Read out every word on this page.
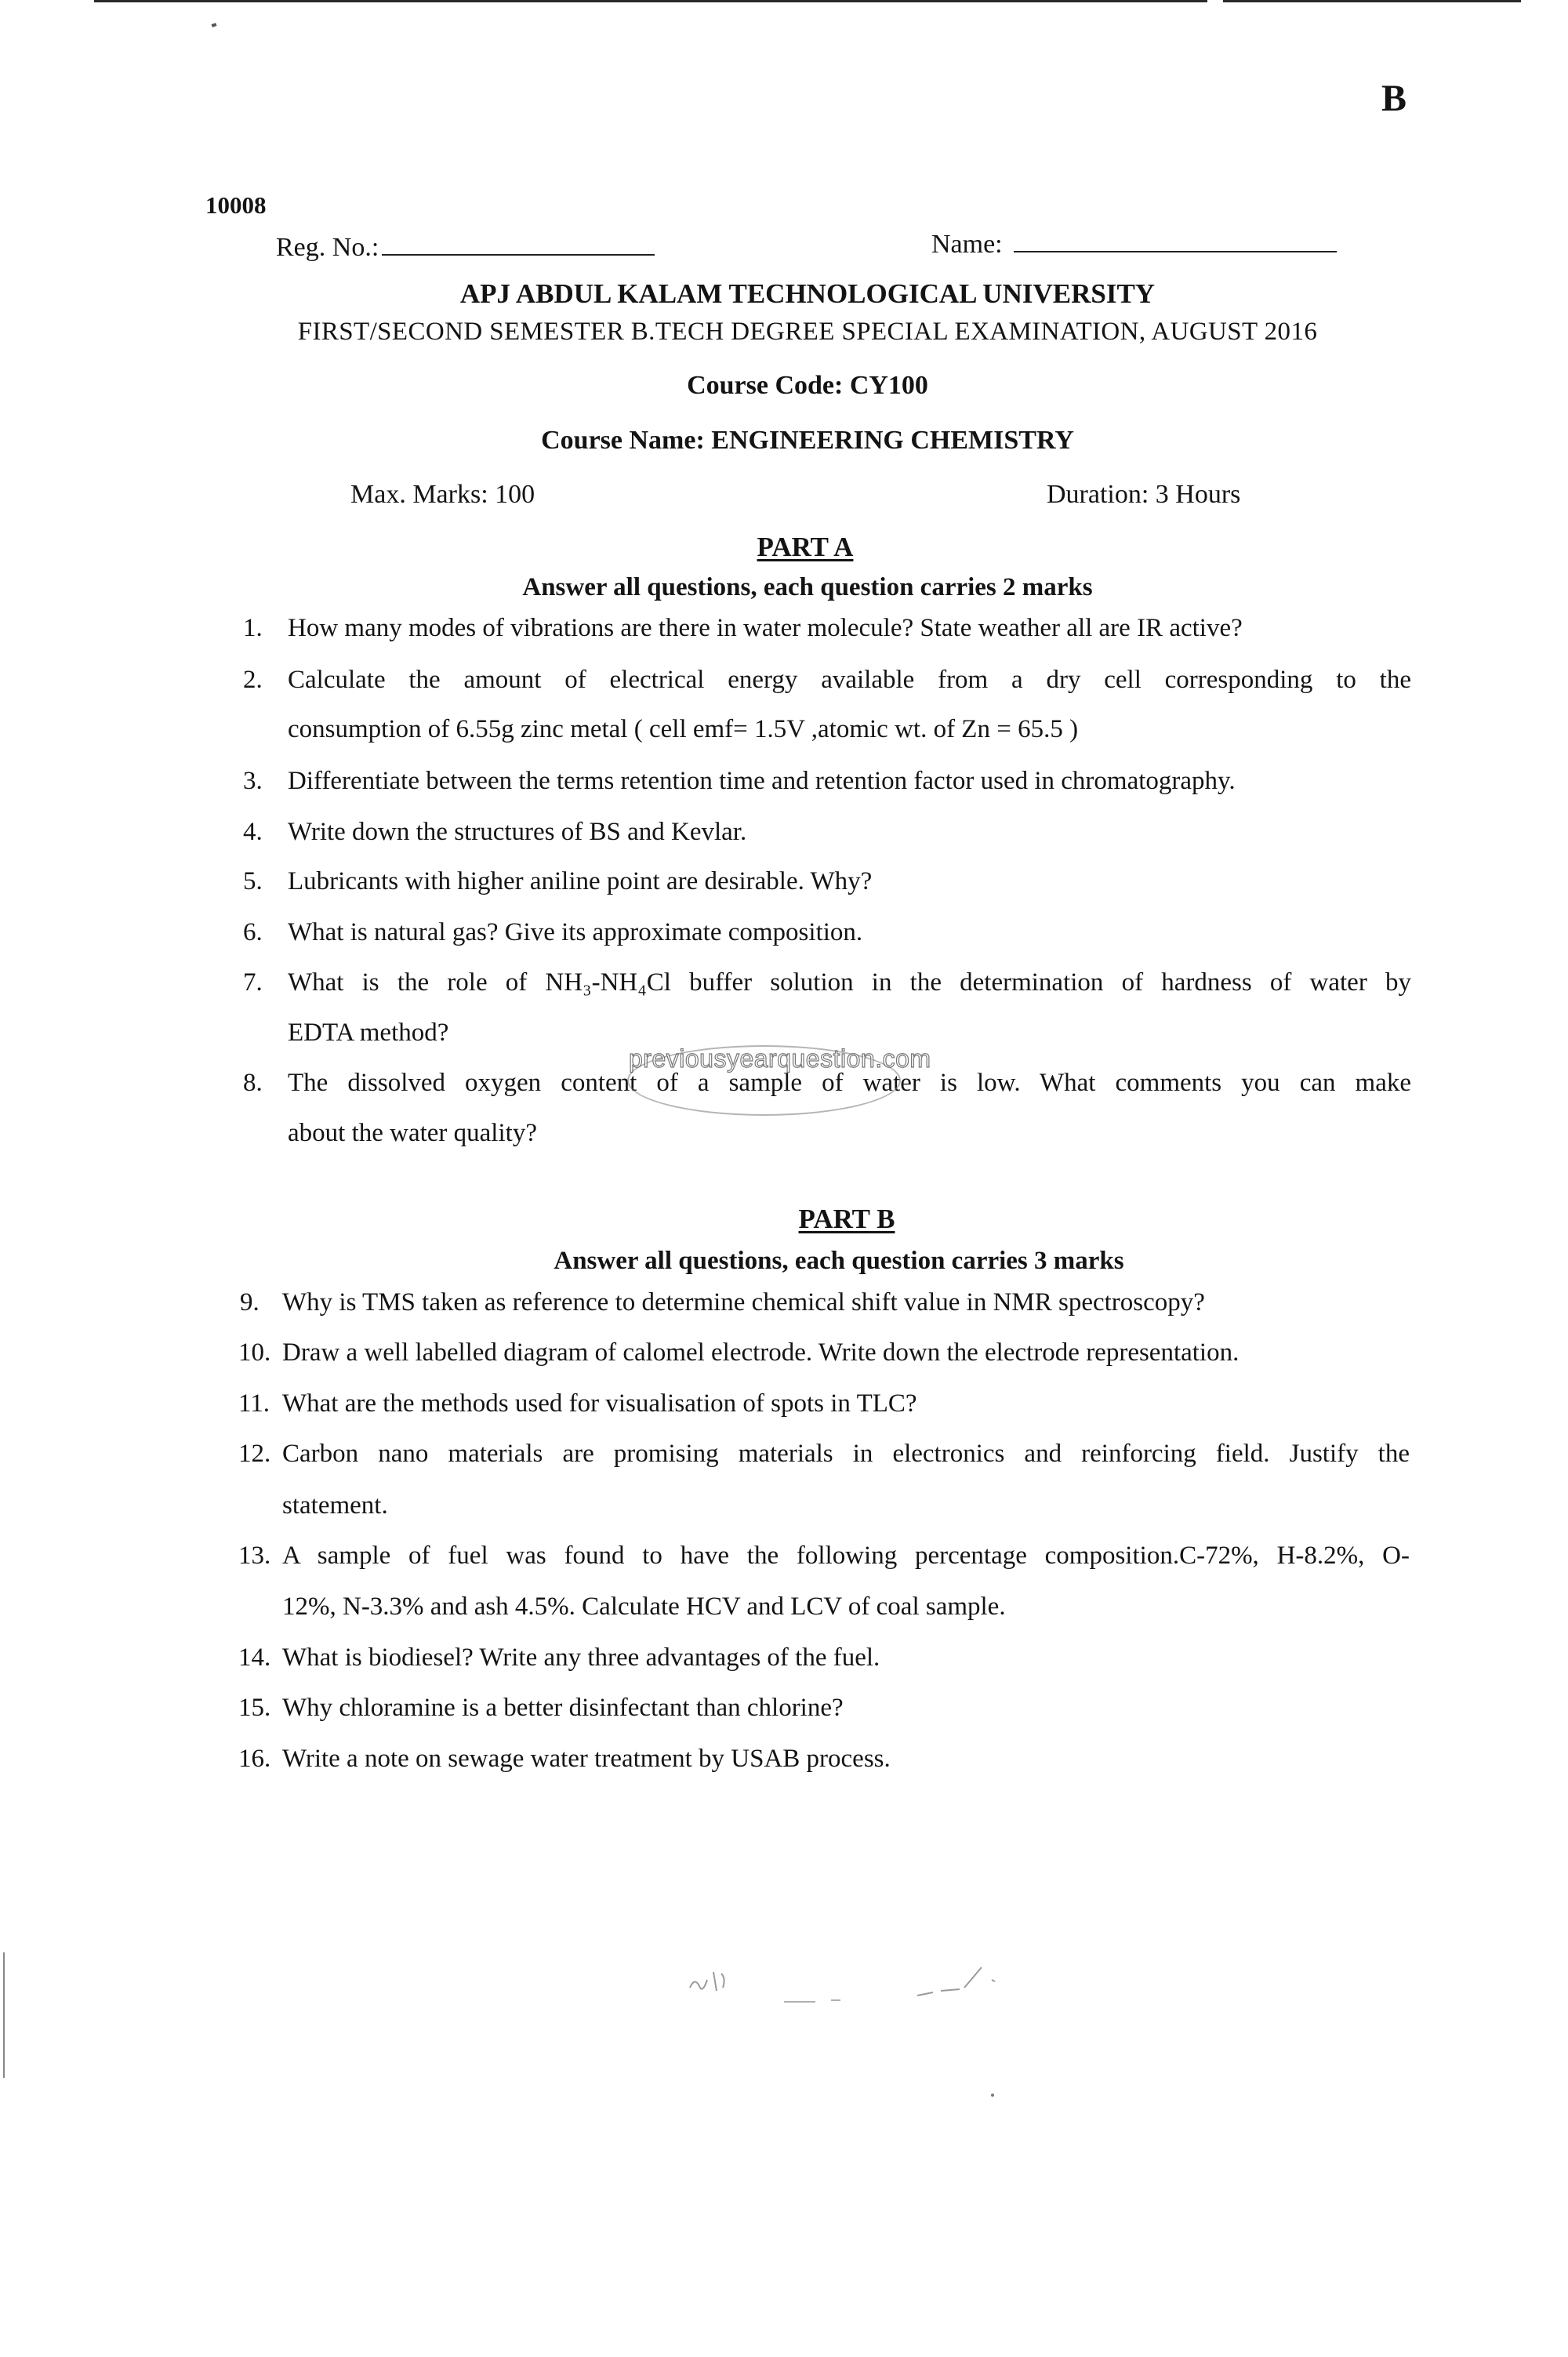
B
10008
Reg. No.:	Name:
APJ ABDUL KALAM TECHNOLOGICAL UNIVERSITY
FIRST/SECOND SEMESTER B.TECH DEGREE SPECIAL EXAMINATION, AUGUST 2016
Course Code: CY100
Course Name: ENGINEERING CHEMISTRY
Max. Marks: 100	Duration: 3 Hours
PART A
Answer all questions, each question carries 2 marks
1. How many modes of vibrations are there in water molecule? State weather all are IR active?
2. Calculate the amount of electrical energy available from a dry cell corresponding to the
consumption of 6.55g zinc metal ( cell emf= 1.5V ,atomic wt. of Zn = 65.5 )
3. Differentiate between the terms retention time and retention factor used in chromatography.
4. Write down the structures of BS and Kevlar.
5. Lubricants with higher aniline point are desirable. Why?
6. What is natural gas? Give its approximate composition.
7. What is the role of NH₃-NH₄Cl buffer solution in the determination of hardness of water by
EDTA method?
8. The dissolved oxygen content of a sample of water is low. What comments you can make
about the water quality?
previousyearquestion.com
PART B
Answer all questions, each question carries 3 marks
9. Why is TMS taken as reference to determine chemical shift value in NMR spectroscopy?
10. Draw a well labelled diagram of calomel electrode. Write down the electrode representation.
11. What are the methods used for visualisation of spots in TLC?
12. Carbon nano materials are promising materials in electronics and reinforcing field. Justify the
statement.
13. A sample of fuel was found to have the following percentage composition.C-72%, H-8.2%, O-
12%, N-3.3% and ash 4.5%. Calculate HCV and LCV of coal sample.
14. What is biodiesel? Write any three advantages of the fuel.
15. Why chloramine is a better disinfectant than chlorine?
16. Write a note on sewage water treatment by USAB process.
